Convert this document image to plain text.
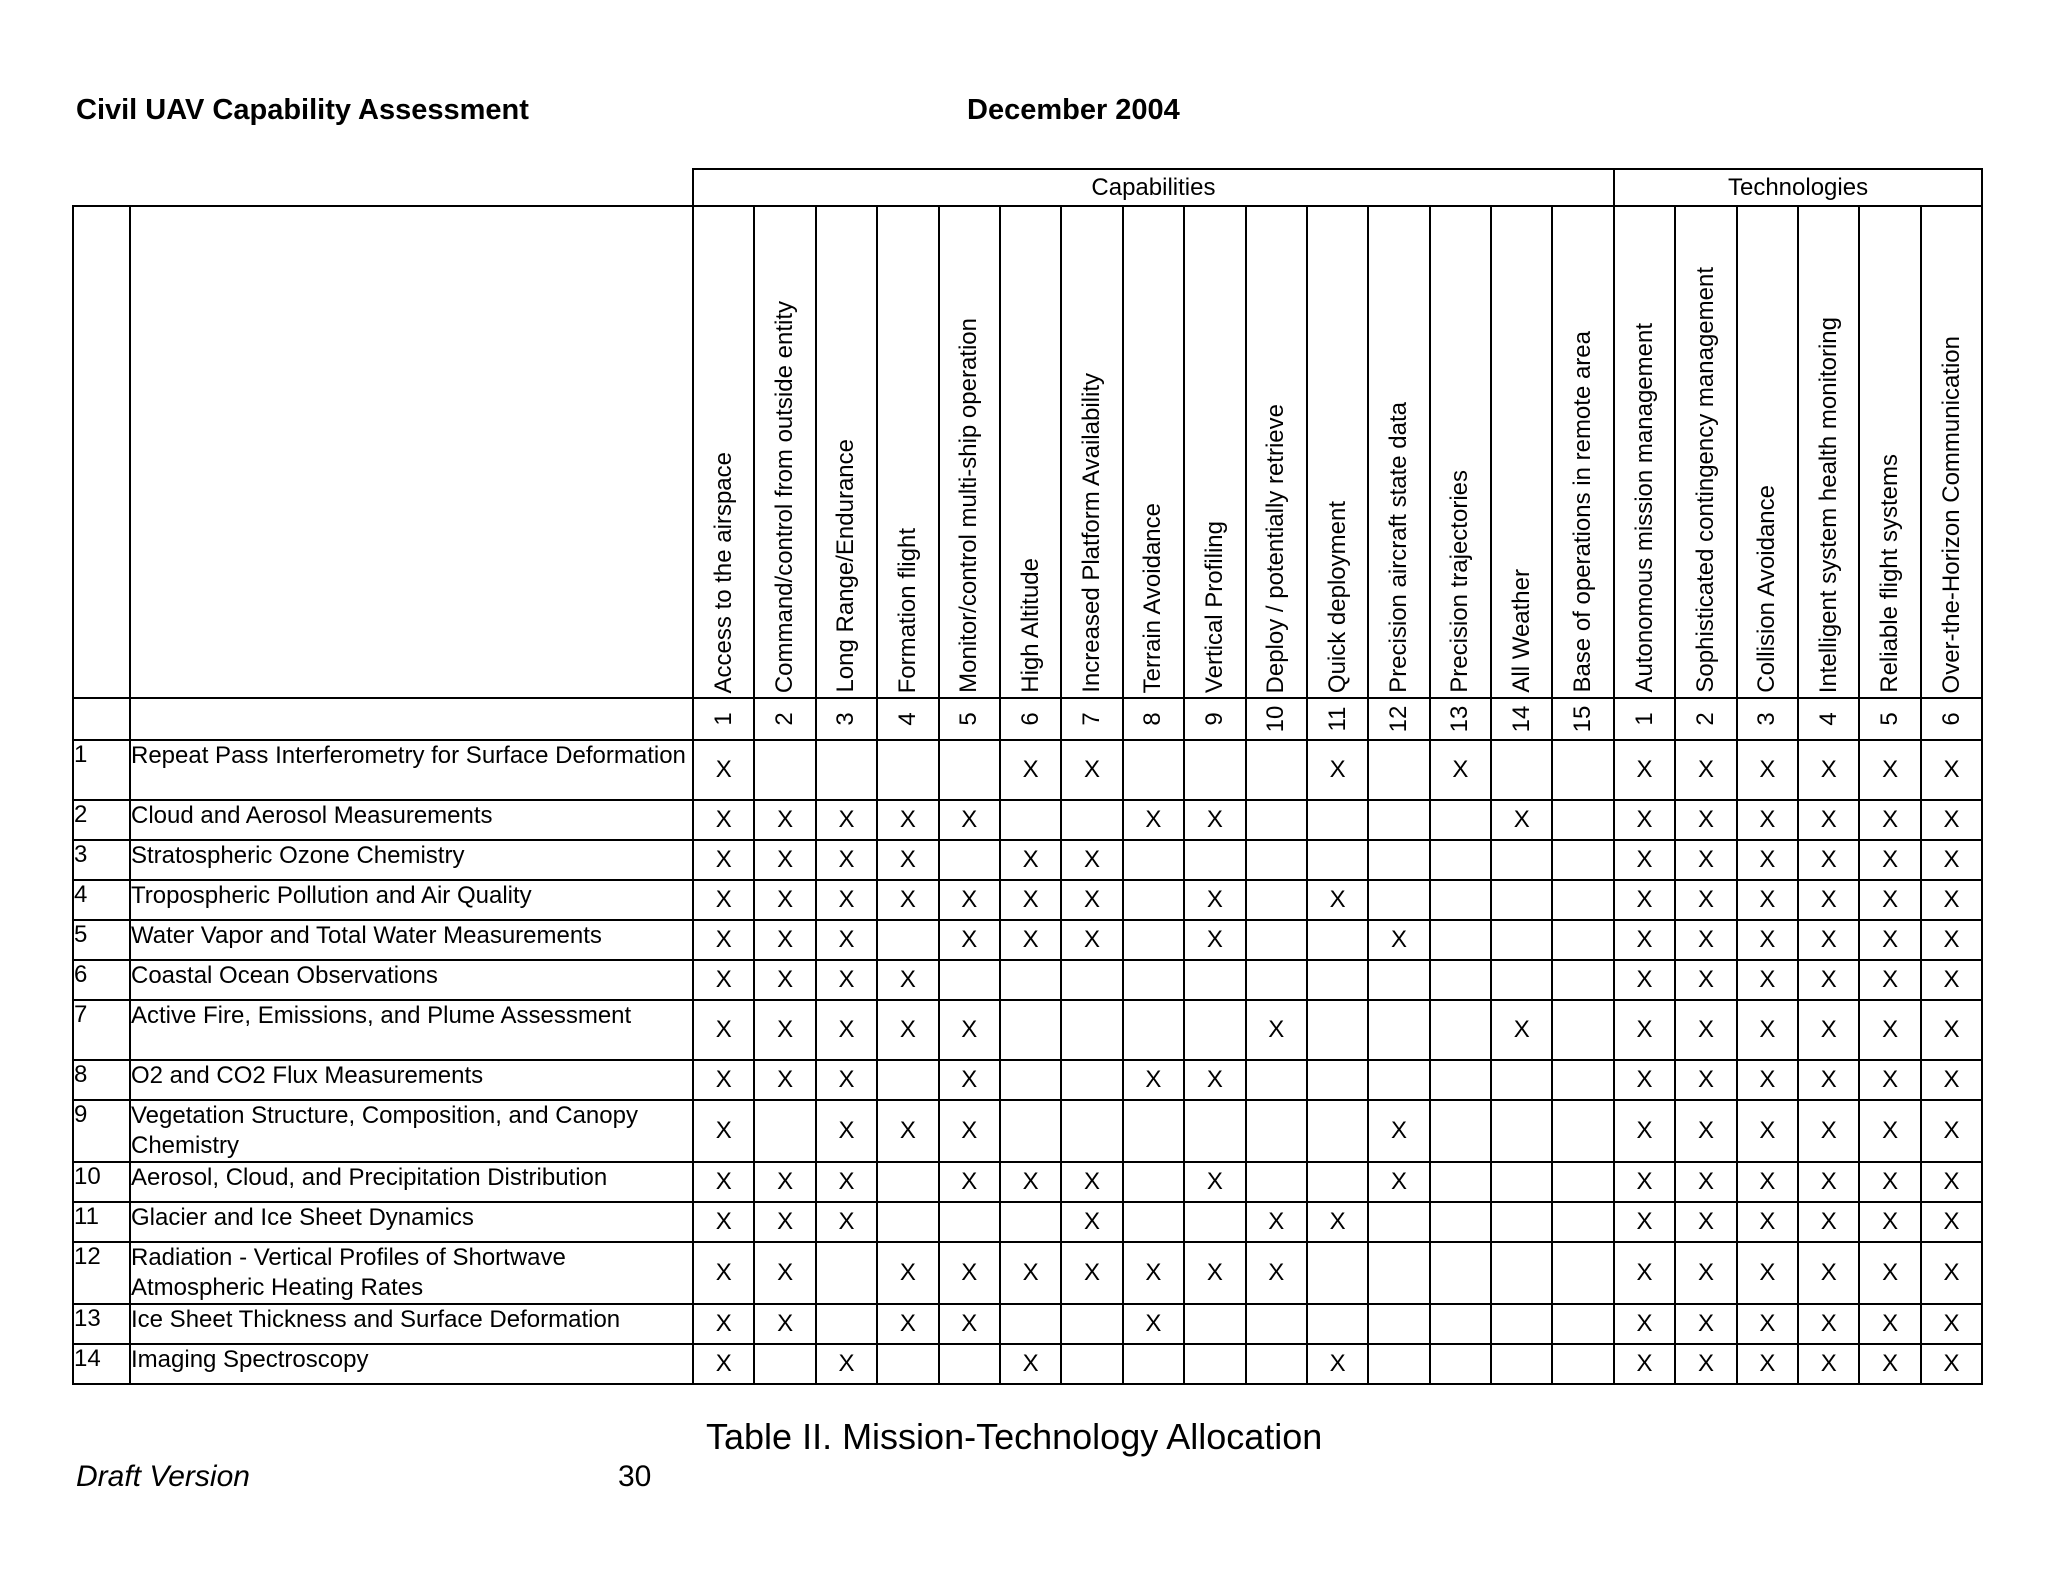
Civil UAV Capability Assessment	December 2004
		Capabilities															Technologies					

		Access to the airspace	Command/control from outside entity	Long Range/Endurance	Formation flight	Monitor/control multi-ship operation	High Altitude	Increased Platform Availability	Terrain Avoidance	Vertical Profiling	Deploy / potentially retrieve	Quick deployment	Precision aircraft state data	Precision trajectories	All Weather	Base of operations in remote area	Autonomous mission management	Sophisticated contingency management	Collision Avoidance	Intelligent system health monitoring	Reliable flight systems	Over-the-Horizon Communication

		1	2	3	4	5	6	7	8	9	10	11	12	13	14	15	1	2	3	4	5	6

1	Repeat Pass Interferometry for Surface Deformation	X					X	X				X		X			X	X	X	X	X	X
2	Cloud and Aerosol Measurements	X	X	X	X	X			X	X					X		X	X	X	X	X	X
3	Stratospheric Ozone Chemistry	X	X	X	X		X	X									X	X	X	X	X	X
4	Tropospheric Pollution and Air Quality	X	X	X	X	X	X	X		X		X					X	X	X	X	X	X
5	Water Vapor and Total Water Measurements	X	X	X		X	X	X		X			X				X	X	X	X	X	X
6	Coastal Ocean Observations	X	X	X	X												X	X	X	X	X	X
7	Active Fire, Emissions, and Plume Assessment	X	X	X	X	X					X				X		X	X	X	X	X	X
8	O2 and CO2 Flux Measurements	X	X	X		X			X	X							X	X	X	X	X	X
9	Vegetation Structure, Composition, and Canopy Chemistry	X		X	X	X							X				X	X	X	X	X	X
10	Aerosol, Cloud, and Precipitation Distribution	X	X	X		X	X	X		X			X				X	X	X	X	X	X
11	Glacier and Ice Sheet Dynamics	X	X	X				X			X	X					X	X	X	X	X	X
12	Radiation - Vertical Profiles of Shortwave Atmospheric Heating Rates	X	X		X	X	X	X	X	X	X						X	X	X	X	X	X
13	Ice Sheet Thickness and Surface Deformation	X	X		X	X			X								X	X	X	X	X	X
14	Imaging Spectroscopy	X		X			X					X					X	X	X	X	X	X
Table II. Mission-Technology Allocation
Draft Version	30
